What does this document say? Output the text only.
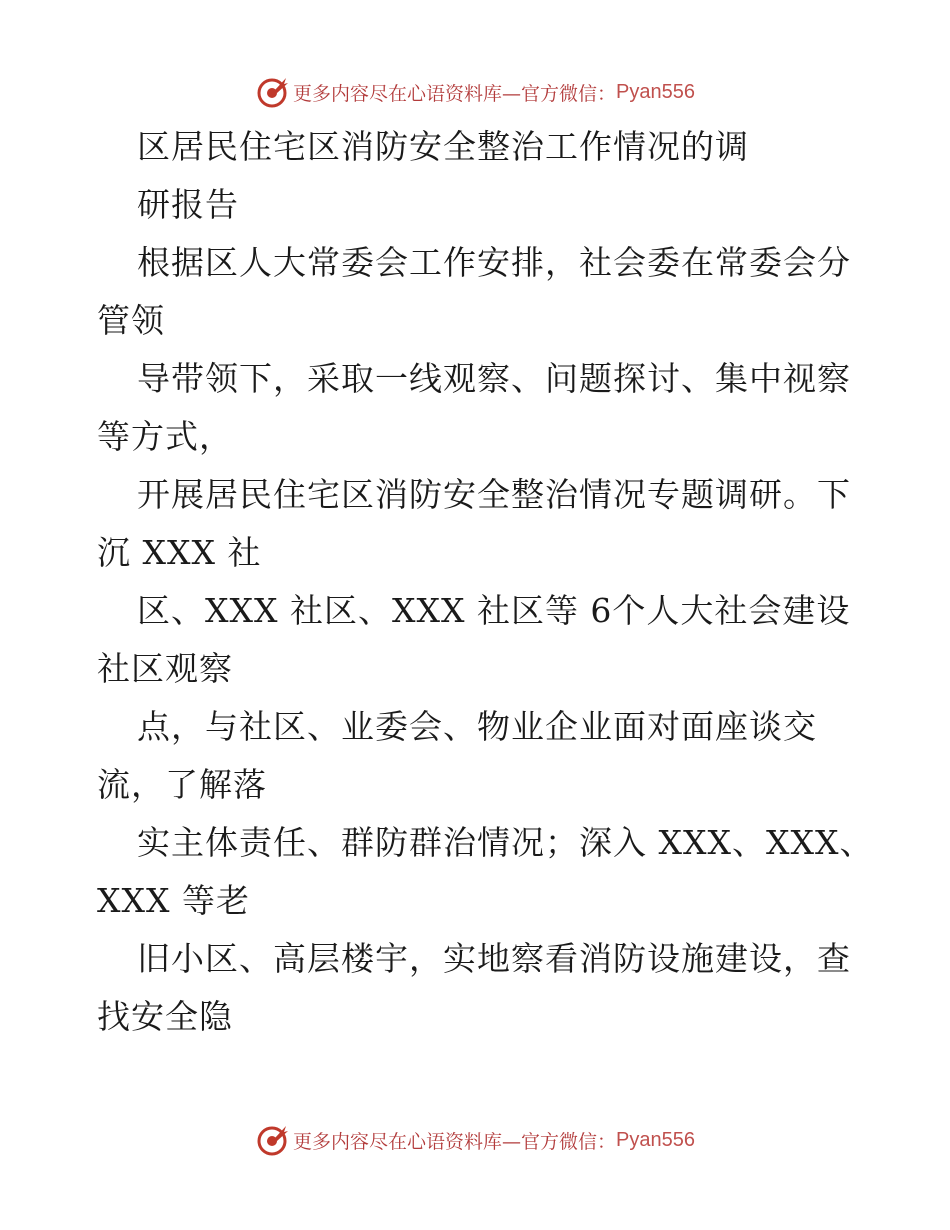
更多内容尽在心语资料库—官方微信： Pyan556
区居民住宅区消防安全整治工作情况的调
研报告
根据区人大常委会工作安排，社会委在常委会分
管领
导带领下，采取一线观察、问题探讨、集中视察
等方式，
开展居民住宅区消防安全整治情况专题调研。下
沉 XXX 社
区、XXX 社区、XXX 社区等 6个人大社会建设
社区观察
点，与社区、业委会、物业企业面对面座谈交
流，了解落
实主体责任、群防群治情况；深入 XXX、XXX、
XXX 等老
旧小区、高层楼宇，实地察看消防设施建设，查
找安全隐
更多内容尽在心语资料库—官方微信： Pyan556
